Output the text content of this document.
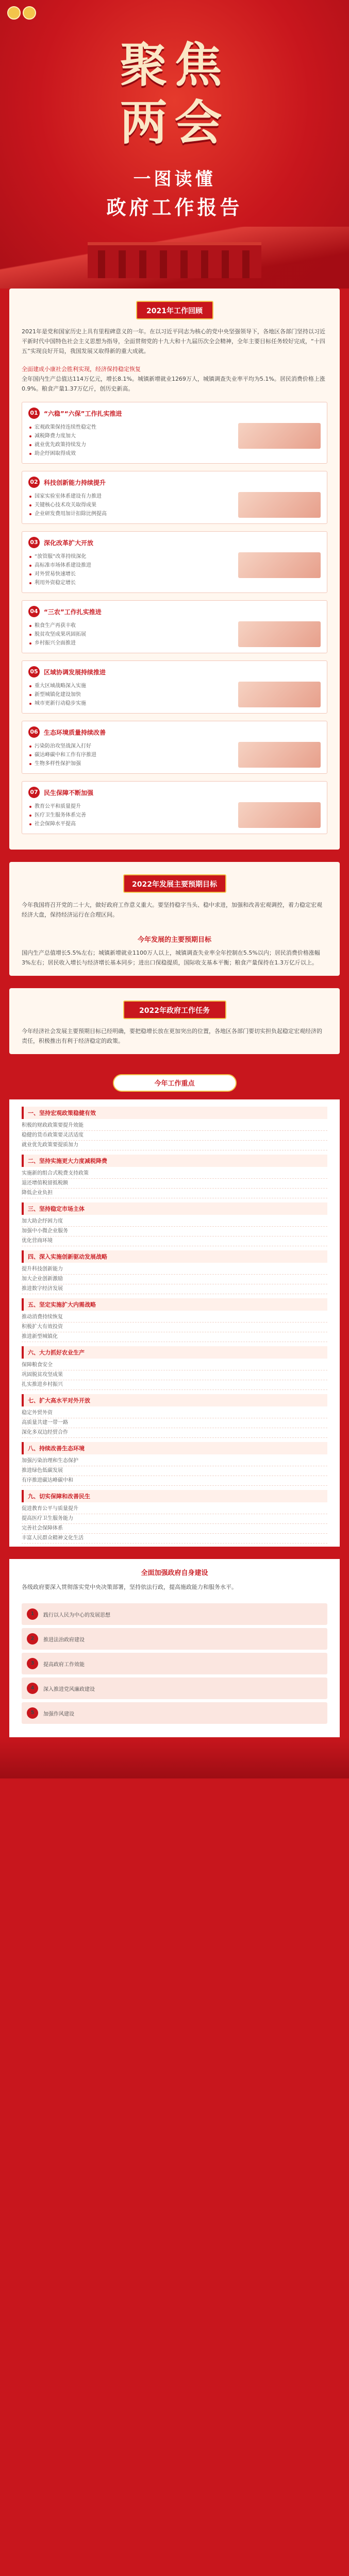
聚焦
两会
一图读懂
政府工作报告
2021年工作回顾

2021年是党和国家历史上具有里程碑意义的一年。在以习近平同志为核心的党中央坚强领导下，各地区各部门坚持以习近平新时代中国特色社会主义思想为指导，全面贯彻党的十九大和十九届历次全会精神，全年主要目标任务较好完成，“十四五”实现良好开局，我国发展又取得新的重大成就。

全面建成小康社会胜利实现，经济保持稳定恢复

全年国内生产总值达114万亿元，增长8.1%。城镇新增就业1269万人，城镇调查失业率平均为5.1%。居民消费价格上涨0.9%。粮食产量1.37万亿斤，创历史新高。

01 “六稳”“六保”工作扎实推进
宏观政策保持连续性稳定性
减税降费力度加大
就业优先政策持续发力
助企纾困取得成效
02 科技创新能力持续提升
国家实验室体系建设有力推进
关键核心技术攻关取得成果
企业研发费用加计扣除比例提高
03 深化改革扩大开放
“放管服”改革持续深化
高标准市场体系建设推进
对外贸易快速增长
利用外资稳定增长
04 “三农”工作扎实推进
粮食生产再获丰收
脱贫攻坚成果巩固拓展
乡村振兴全面推进
05 区域协调发展持续推进
重大区域战略深入实施
新型城镇化建设加快
城市更新行动稳步实施
06 生态环境质量持续改善
污染防治攻坚战深入打好
碳达峰碳中和工作有序推进
生物多样性保护加强
07 民生保障不断加强
教育公平和质量提升
医疗卫生服务体系完善
社会保障水平提高
2022年发展主要预期目标

今年我国将召开党的二十大，做好政府工作意义重大。要坚持稳字当头、稳中求进，加强和改善宏观调控，着力稳定宏观经济大盘，保持经济运行在合理区间。

今年发展的主要预期目标

国内生产总值增长5.5%左右；城镇新增就业1100万人以上，城镇调查失业率全年控制在5.5%以内；居民消费价格涨幅3%左右；居民收入增长与经济增长基本同步；进出口保稳提质，国际收支基本平衡；粮食产量保持在1.3万亿斤以上。

2022年政府工作任务

今年经济社会发展主要预期目标已经明确，要把稳增长放在更加突出的位置，各地区各部门要切实担负起稳定宏观经济的责任，积极推出有利于经济稳定的政策。

今年工作重点
一、坚持宏观政策稳健有效
积极的财政政策要提升效能
稳健的货币政策要灵活适度
就业优先政策要提质加力
二、坚持实施更大力度减税降费
实施新的组合式税费支持政策
退还增值税留抵税额
降低企业负担
三、坚持稳定市场主体
加大助企纾困力度
加强中小微企业服务
优化营商环境
四、深入实施创新驱动发展战略
提升科技创新能力
加大企业创新激励
推进数字经济发展
五、坚定实施扩大内需战略
推动消费持续恢复
积极扩大有效投资
推进新型城镇化
六、大力抓好农业生产
保障粮食安全
巩固脱贫攻坚成果
扎实推进乡村振兴
七、扩大高水平对外开放
稳定外贸外资
高质量共建一带一路
深化多双边经贸合作
八、持续改善生态环境
加强污染治理和生态保护
推进绿色低碳发展
有序推进碳达峰碳中和
九、切实保障和改善民生
促进教育公平与质量提升
提高医疗卫生服务能力
完善社会保障体系
丰富人民群众精神文化生活
全面加强政府自身建设

各级政府要深入贯彻落实党中央决策部署，坚持依法行政，提高施政能力和服务水平。

1	践行以人民为中心的发展思想
2	推进法治政府建设
3	提高政府工作效能
4	深入推进党风廉政建设
5	加强作风建设
